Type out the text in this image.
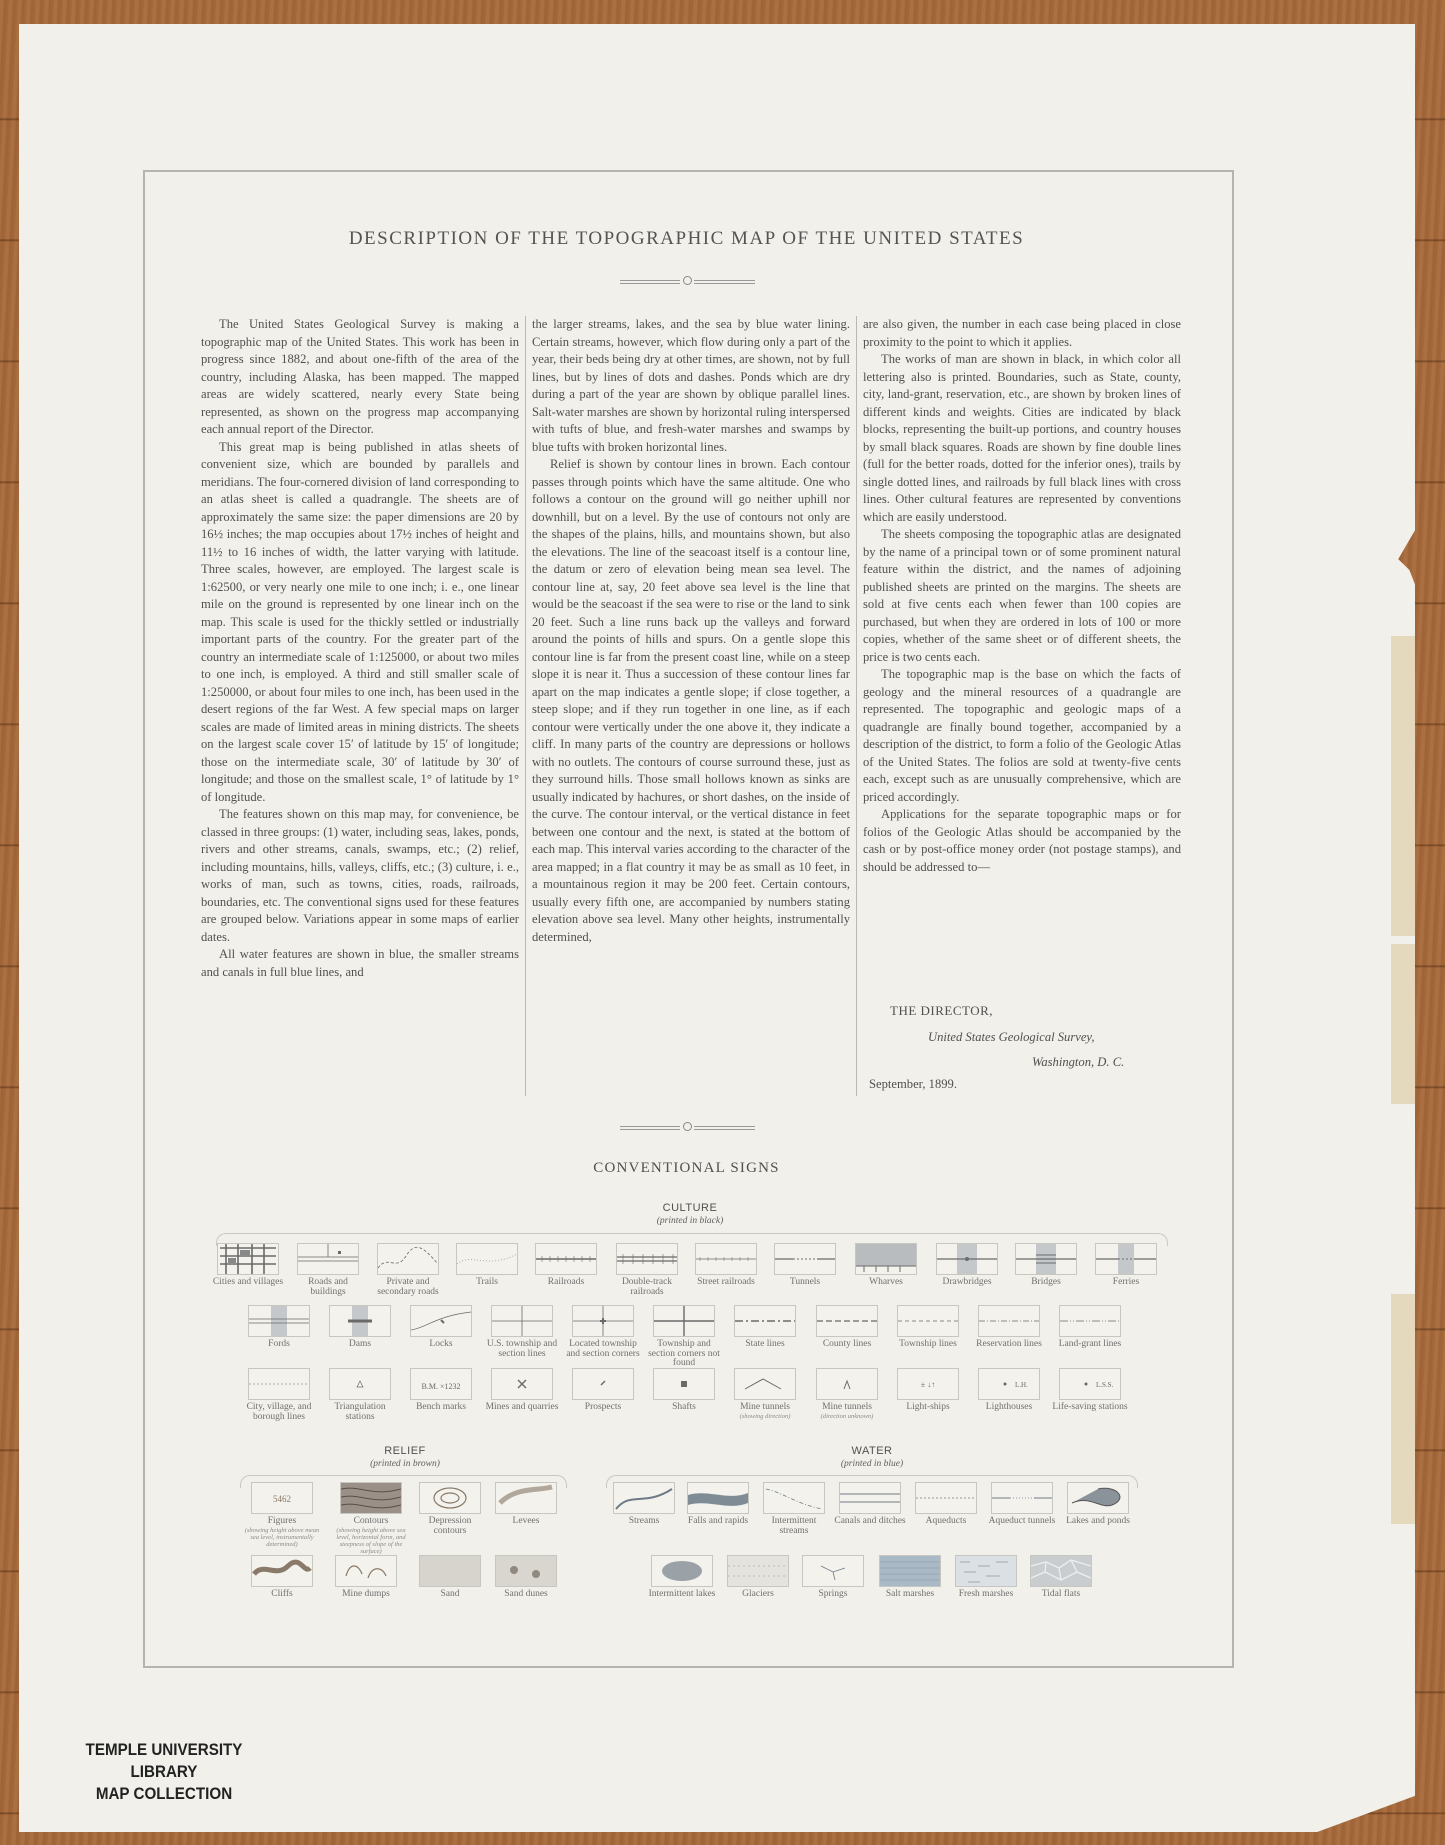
DESCRIPTION OF THE TOPOGRAPHIC MAP OF THE UNITED STATES

The United States Geological Survey is making a topographic map of the United States. This work has been in progress since 1882, and about one-fifth of the area of the country, including Alaska, has been mapped. The mapped areas are widely scattered, nearly every State being represented, as shown on the progress map accompanying each annual report of the Director.

This great map is being published in atlas sheets of convenient size, which are bounded by parallels and meridians. The four-cornered division of land corresponding to an atlas sheet is called a quadrangle. The sheets are of approximately the same size: the paper dimensions are 20 by 16½ inches; the map occupies about 17½ inches of height and 11½ to 16 inches of width, the latter varying with latitude. Three scales, however, are employed. The largest scale is 1:62500, or very nearly one mile to one inch; i. e., one linear mile on the ground is represented by one linear inch on the map. This scale is used for the thickly settled or industrially important parts of the country. For the greater part of the country an intermediate scale of 1:125000, or about two miles to one inch, is employed. A third and still smaller scale of 1:250000, or about four miles to one inch, has been used in the desert regions of the far West. A few special maps on larger scales are made of limited areas in mining districts. The sheets on the largest scale cover 15′ of latitude by 15′ of longitude; those on the intermediate scale, 30′ of latitude by 30′ of longitude; and those on the smallest scale, 1° of latitude by 1° of longitude.

The features shown on this map may, for convenience, be classed in three groups: (1) water, including seas, lakes, ponds, rivers and other streams, canals, swamps, etc.; (2) relief, including mountains, hills, valleys, cliffs, etc.; (3) culture, i. e., works of man, such as towns, cities, roads, railroads, boundaries, etc. The conventional signs used for these features are grouped below. Variations appear in some maps of earlier dates.

All water features are shown in blue, the smaller streams and canals in full blue lines, and

the larger streams, lakes, and the sea by blue water lining. Certain streams, however, which flow during only a part of the year, their beds being dry at other times, are shown, not by full lines, but by lines of dots and dashes. Ponds which are dry during a part of the year are shown by oblique parallel lines. Salt-water marshes are shown by horizontal ruling interspersed with tufts of blue, and fresh-water marshes and swamps by blue tufts with broken horizontal lines.

Relief is shown by contour lines in brown. Each contour passes through points which have the same altitude. One who follows a contour on the ground will go neither uphill nor downhill, but on a level. By the use of contours not only are the shapes of the plains, hills, and mountains shown, but also the elevations. The line of the seacoast itself is a contour line, the datum or zero of elevation being mean sea level. The contour line at, say, 20 feet above sea level is the line that would be the seacoast if the sea were to rise or the land to sink 20 feet. Such a line runs back up the valleys and forward around the points of hills and spurs. On a gentle slope this contour line is far from the present coast line, while on a steep slope it is near it. Thus a succession of these contour lines far apart on the map indicates a gentle slope; if close together, a steep slope; and if they run together in one line, as if each contour were vertically under the one above it, they indicate a cliff. In many parts of the country are depressions or hollows with no outlets. The contours of course surround these, just as they surround hills. Those small hollows known as sinks are usually indicated by hachures, or short dashes, on the inside of the curve. The contour interval, or the vertical distance in feet between one contour and the next, is stated at the bottom of each map. This interval varies according to the character of the area mapped; in a flat country it may be as small as 10 feet, in a mountainous region it may be 200 feet. Certain contours, usually every fifth one, are accompanied by numbers stating elevation above sea level. Many other heights, instrumentally determined,

are also given, the number in each case being placed in close proximity to the point to which it applies.

The works of man are shown in black, in which color all lettering also is printed. Boundaries, such as State, county, city, land-grant, reservation, etc., are shown by broken lines of different kinds and weights. Cities are indicated by black blocks, representing the built-up portions, and country houses by small black squares. Roads are shown by fine double lines (full for the better roads, dotted for the inferior ones), trails by single dotted lines, and railroads by full black lines with cross lines. Other cultural features are represented by conventions which are easily understood.

The sheets composing the topographic atlas are designated by the name of a principal town or of some prominent natural feature within the district, and the names of adjoining published sheets are printed on the margins. The sheets are sold at five cents each when fewer than 100 copies are purchased, but when they are ordered in lots of 100 or more copies, whether of the same sheet or of different sheets, the price is two cents each.

The topographic map is the base on which the facts of geology and the mineral resources of a quadrangle are represented. The topographic and geologic maps of a quadrangle are finally bound together, accompanied by a description of the district, to form a folio of the Geologic Atlas of the United States. The folios are sold at twenty-five cents each, except such as are unusually comprehensive, which are priced accordingly.

Applications for the separate topographic maps or for folios of the Geologic Atlas should be accompanied by the cash or by post-office money order (not postage stamps), and should be addressed to—

THE DIRECTOR,
United States Geological Survey,
Washington, D. C.
September, 1899.
CONVENTIONAL SIGNS
CULTURE
(printed in black)
RELIEF
(printed in brown)
WATER
(printed in blue)
Cities and villages	Roads and buildings
Private and secondary roads
Trails	Railroads	Double-track railroads
Street railroads	Tunnels	Wharves	Drawbridges	Bridges	Ferries
Fords	Dams	Locks	U.S. township and section lines
Located township and section corners
Township and section corners not found
State lines	County lines	Township lines	Reservation lines	Land-grant lines
City, village, and borough lines
Triangulation stations
B.M. ×1232
Bench marks	Mines and quarries	Prospects	Shafts	Mine tunnels
(showing direction)
Mine tunnels
(direction unknown)
± ↓↑
Light-ships
L.H.
Lighthouses
L.S.S.
Life-saving stations
5462
Figures
(showing height above mean sea level, instrumentally determined)
Contours
(showing height above sea level, horizontal form, and steepness of slope of the surface)
Depression contours
Levees
Cliffs	Mine dumps	Sand	Sand dunes
Streams	Falls and rapids	Intermittent streams
Canals and ditches	Aqueducts	Aqueduct tunnels	Lakes and ponds
Intermittent lakes	Glaciers	Springs	Salt marshes	Fresh marshes	Tidal flats
TEMPLE UNIVERSITY LIBRARY
MAP COLLECTION
